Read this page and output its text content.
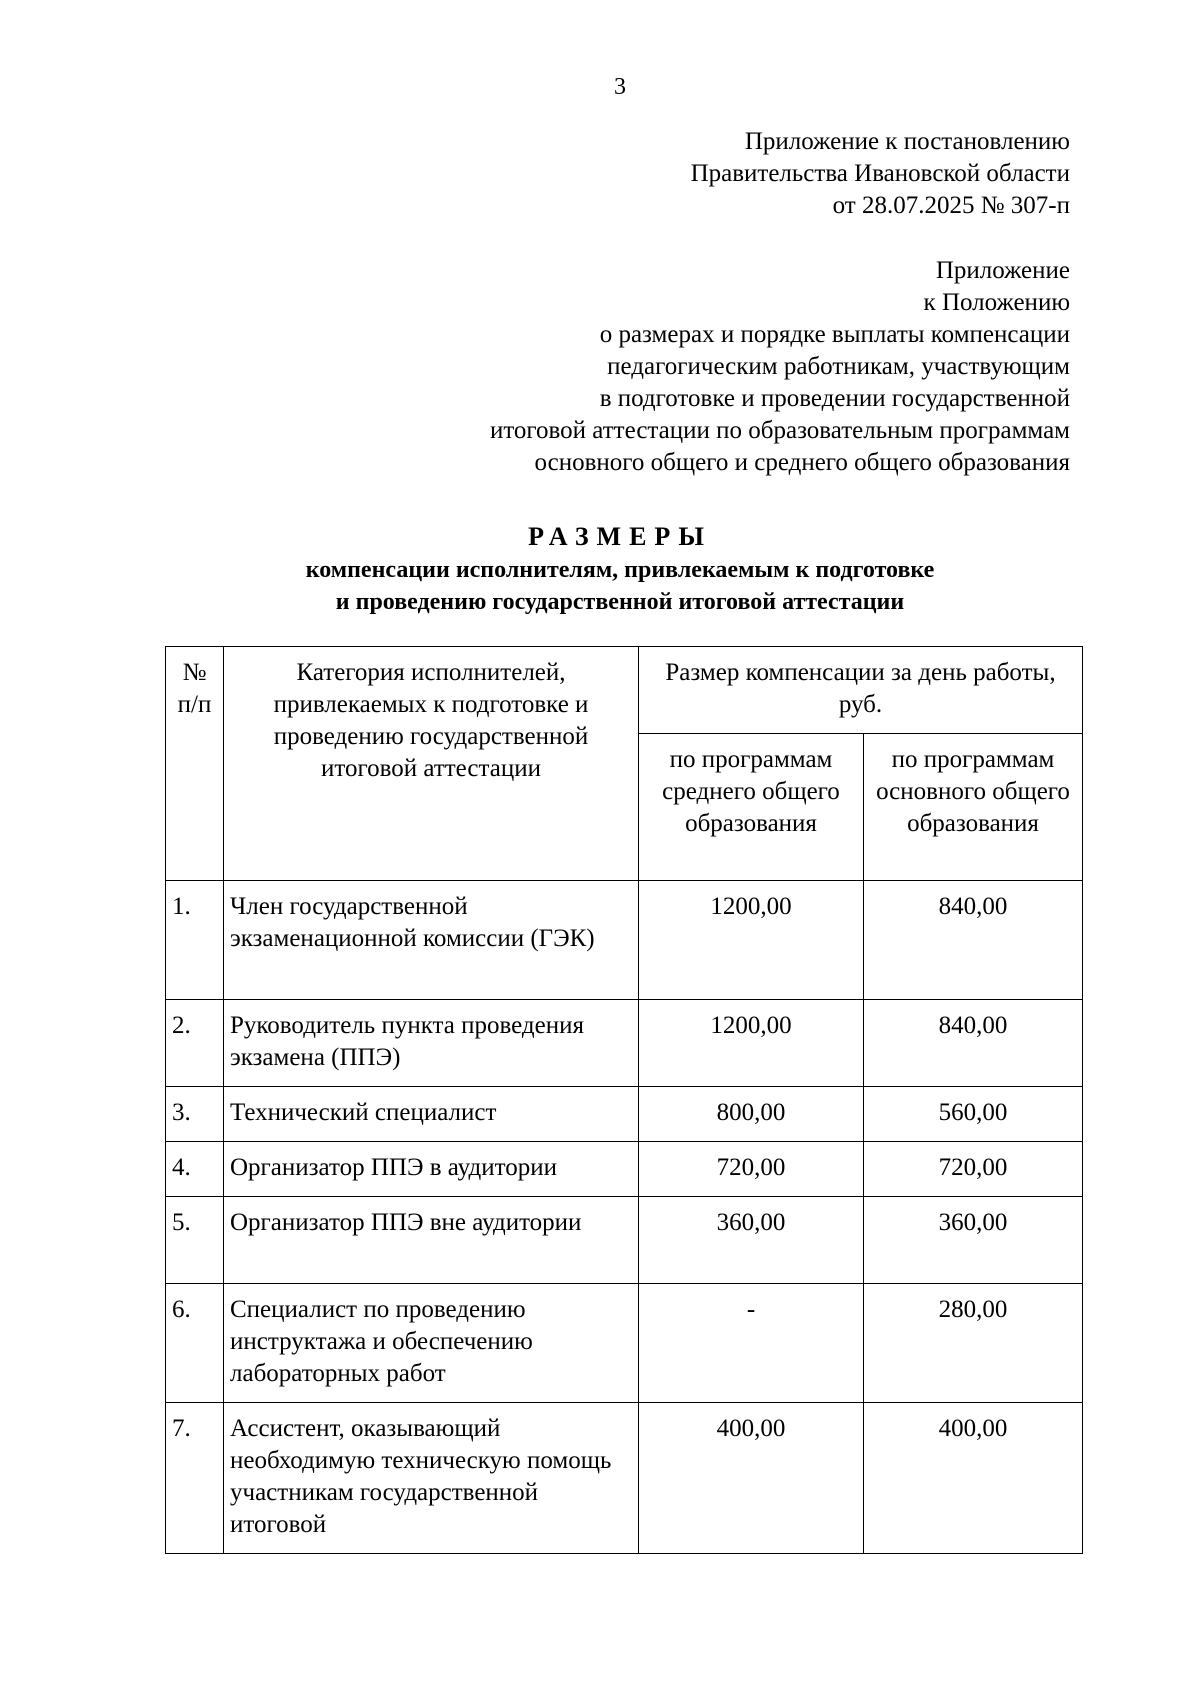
3
Приложение к постановлению
Правительства Ивановской области
от 28.07.2025 № 307-п
Приложение
к Положению
о размерах и порядке выплаты компенсации
педагогическим работникам, участвующим
в подготовке и проведении государственной
итоговой аттестации по образовательным программам
основного общего и среднего общего образования
РАЗМЕРЫ
компенсации исполнителям, привлекаемым к подготовке
и проведению государственной итоговой аттестации
№ п/п	Категория исполнителей, привлекаемых к подготовке и проведению государственной итоговой аттестации	Размер компенсации за день работы, руб.	
		по программам среднего общего образования	по программам основного общего образования
1.	Член государственной экзаменационной комиссии (ГЭК)	1200,00	840,00
2.	Руководитель пункта проведения экзамена (ППЭ)	1200,00	840,00
3.	Технический специалист	800,00	560,00
4.	Организатор ППЭ в аудитории	720,00	720,00
5.	Организатор ППЭ вне аудитории	360,00	360,00
6.	Специалист по проведению инструктажа и обеспечению лабораторных работ	-	280,00
7.	Ассистент, оказывающий необходимую техническую помощь участникам государственной итоговой	400,00	400,00
